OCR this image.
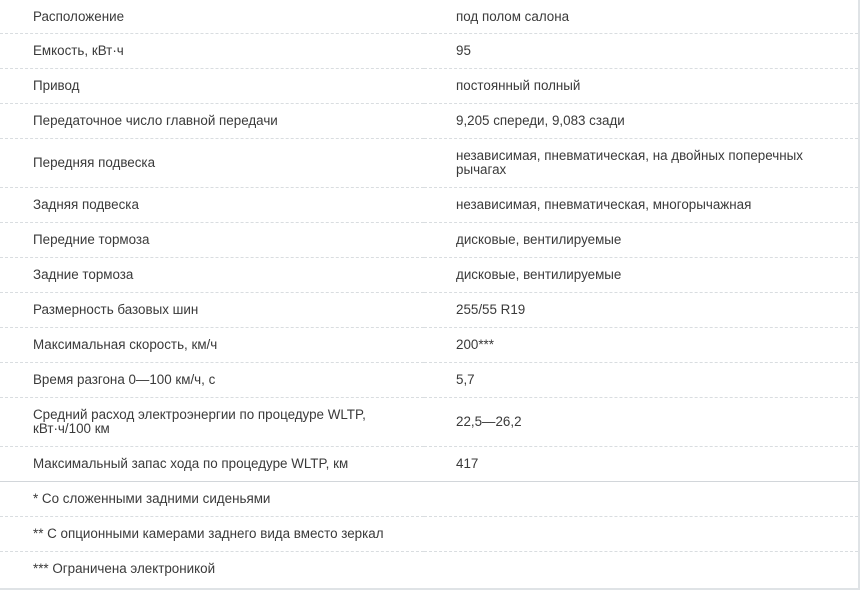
Расположение	под полом салона
Емкость, кВт·ч	95
Привод	постоянный полный
Передаточное число главной передачи	9,205 спереди, 9,083 сзади
Передняя подвеска	независимая, пневматическая, на двойных поперечных рычагах
Задняя подвеска	независимая, пневматическая, многорычажная
Передние тормоза	дисковые, вентилируемые
Задние тормоза	дисковые, вентилируемые
Размерность базовых шин	255/55 R19
Максимальная скорость, км/ч	200***
Время разгона 0—100 км/ч, с	5,7
Средний расход электроэнергии по процедуре WLTP, кВт·ч/100 км	22,5—26,2
Максимальный запас хода по процедуре WLTP, км	417
* Со сложенными задними сиденьями	
** С опционными камерами заднего вида вместо зеркал	
*** Ограничена электроникой	
